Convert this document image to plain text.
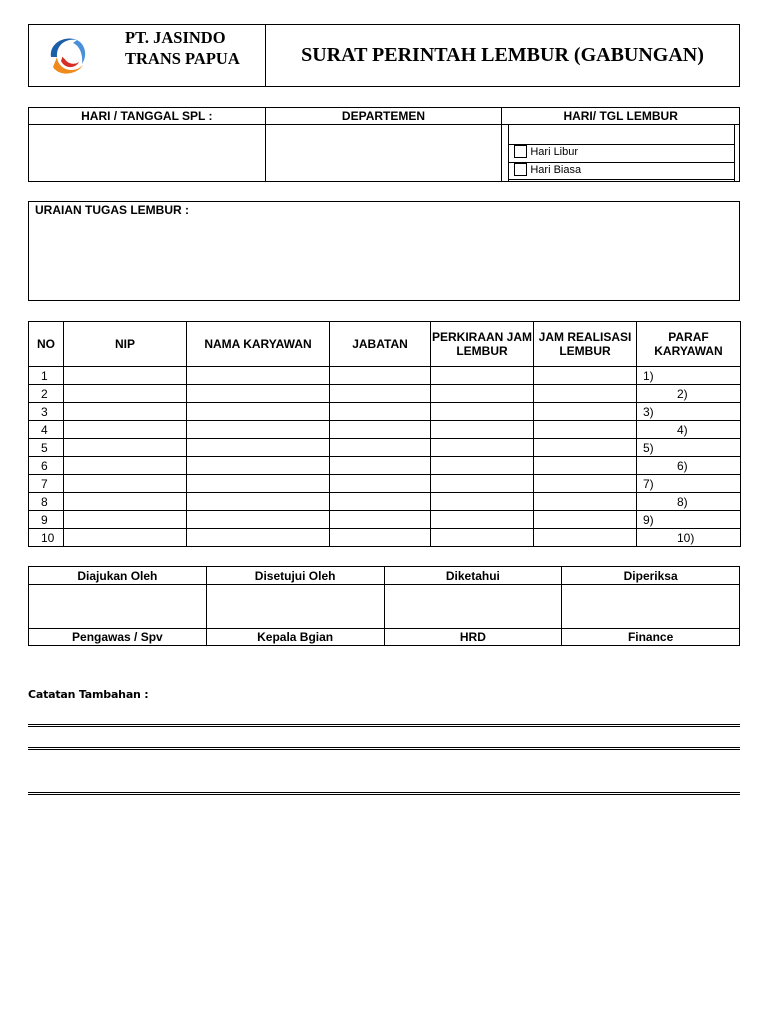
PT. JASINDO
TRANS PAPUA	SURAT PERINTAH LEMBUR (GABUNGAN)
HARI / TANGGAL SPL :	DEPARTEMEN	HARI/ TGL LEMBUR

		Hari Libur
Hari Biasa
URAIAN TUGAS LEMBUR :
NO	NIP	NAMA KARYAWAN	JABATAN	PERKIRAAN JAM LEMBUR	JAM REALISASI LEMBUR	PARAF KARYAWAN
1						1)
2						2)
3						3)
4						4)
5						5)
6						6)
7						7)
8						8)
9						9)
10						10)
Diajukan Oleh	Disetujui Oleh	Diketahui	Diperiksa

Pengawas / Spv	Kepala Bgian	HRD	Finance
Catatan Tambahan :
